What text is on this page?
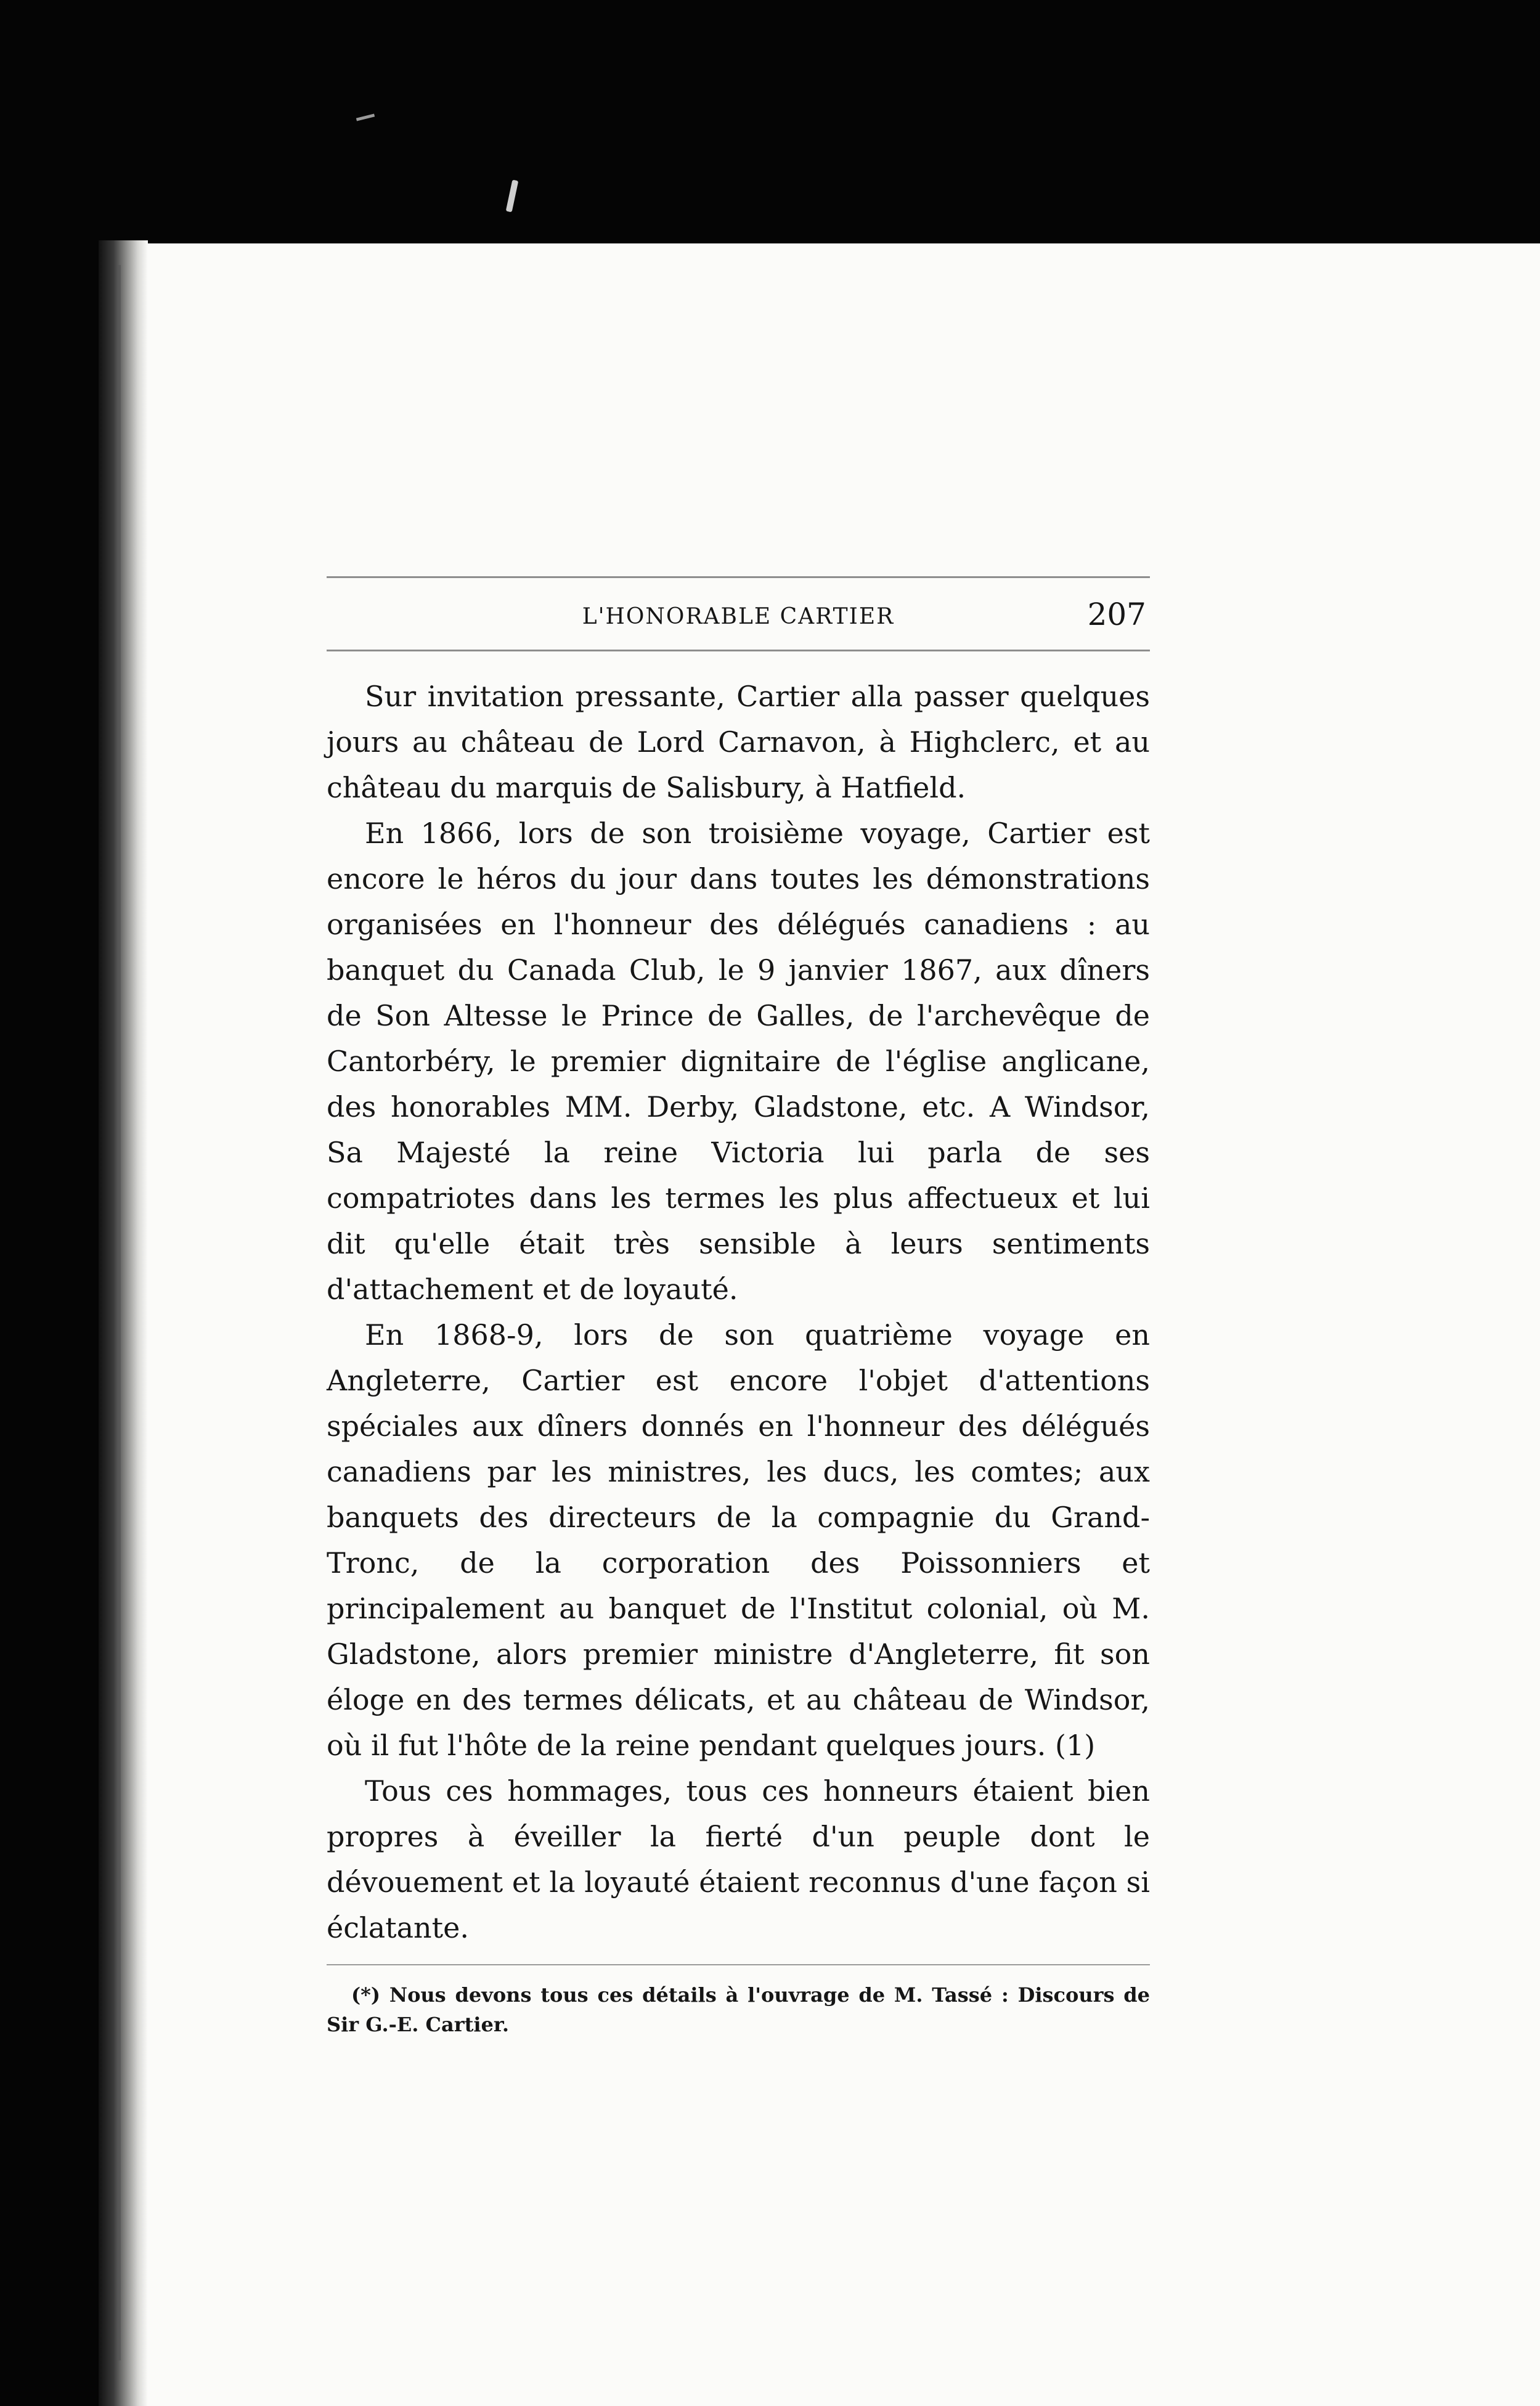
L'HONORABLE CARTIER	207

Sur invitation pressante, Cartier alla passer quelques jours au château de Lord Carnavon, à Highclerc, et au château du marquis de Salisbury, à Hatfield.

En 1866, lors de son troisième voyage, Cartier est encore le héros du jour dans toutes les démonstrations organisées en l'honneur des délégués canadiens : au banquet du Canada Club, le 9 janvier 1867, aux dîners de Son Altesse le Prince de Galles, de l'archevêque de Cantorbéry, le premier dignitaire de l'église anglicane, des honorables MM. Derby, Gladstone, etc. A Windsor, Sa Majesté la reine Victoria lui parla de ses compatriotes dans les termes les plus affectueux et lui dit qu'elle était très sensible à leurs sentiments d'attachement et de loyauté.

En 1868-9, lors de son quatrième voyage en Angleterre, Cartier est encore l'objet d'attentions spéciales aux dîners donnés en l'honneur des délégués canadiens par les ministres, les ducs, les comtes; aux banquets des directeurs de la compagnie du Grand-Tronc, de la corporation des Poissonniers et principalement au banquet de l'Institut colonial, où M. Gladstone, alors premier ministre d'Angleterre, fit son éloge en des termes délicats, et au château de Windsor, où il fut l'hôte de la reine pendant quelques jours. (1)

Tous ces hommages, tous ces honneurs étaient bien propres à éveiller la fierté d'un peuple dont le dévouement et la loyauté étaient reconnus d'une façon si éclatante.

(*) Nous devons tous ces détails à l'ouvrage de M. Tassé : Discours de Sir G.-E. Cartier.
